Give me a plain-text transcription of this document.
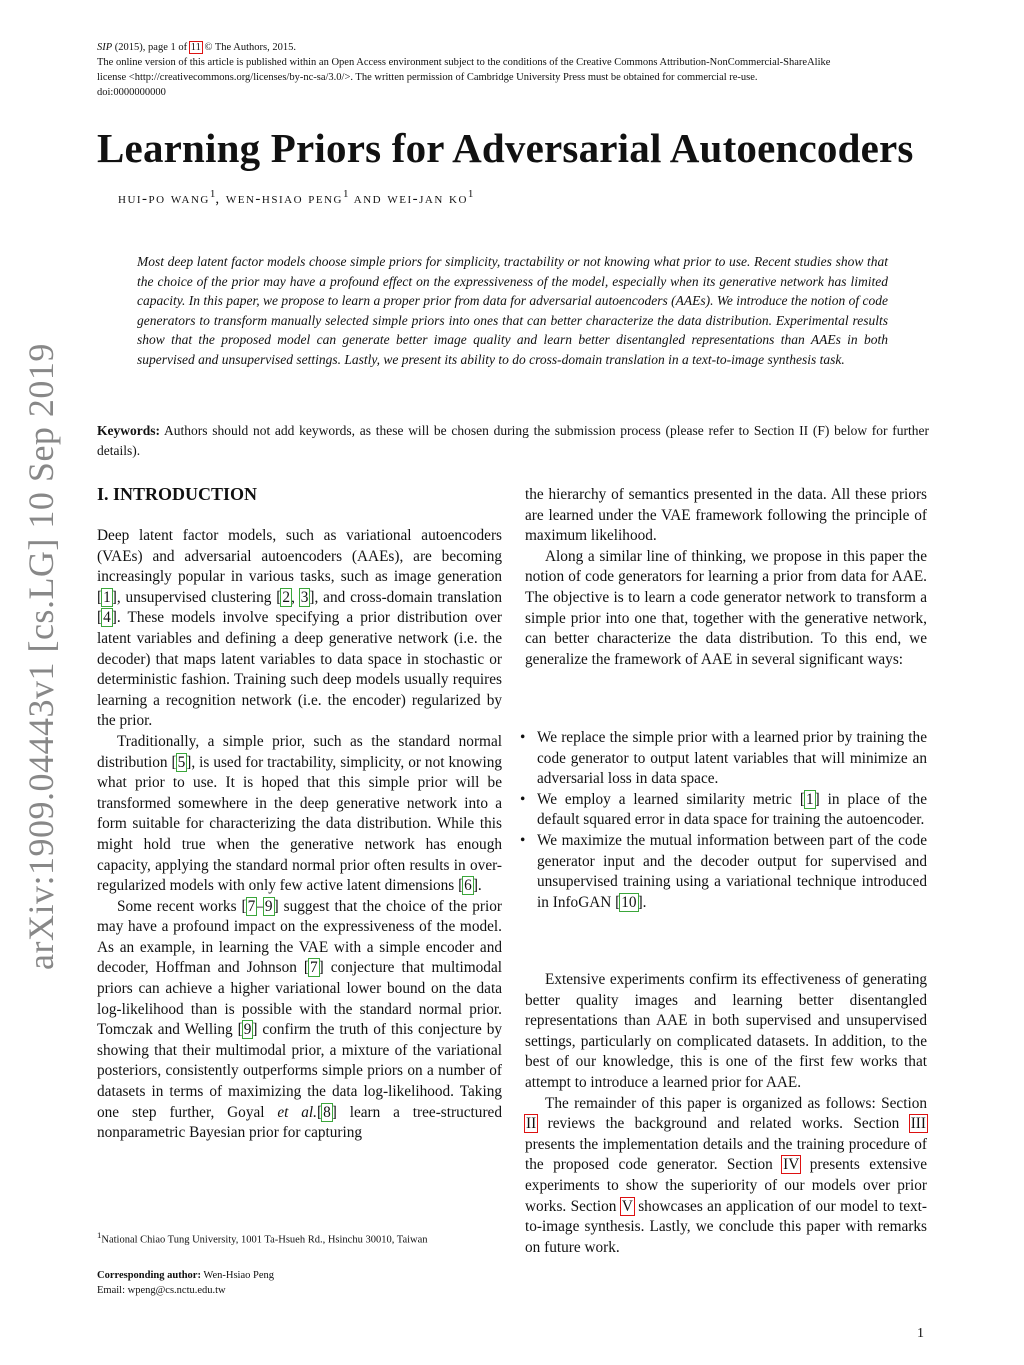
SIP (2015), page 1 of 11 © The Authors, 2015.
The online version of this article is published within an Open Access environment subject to the conditions of the Creative Commons Attribution-NonCommercial-ShareAlike
license <http://creativecommons.org/licenses/by-nc-sa/3.0/>. The written permission of Cambridge University Press must be obtained for commercial re-use.
doi:0000000000
Learning Priors for Adversarial Autoencoders
hui-po wang$^1$, wen-hsiao peng$^1$ and wei-jan $ko^1$
Most deep latent factor models choose simple priors for simplicity, tractability or not knowing what prior to use. Recent studies show that the choice of the prior may have a profound effect on the expressiveness of the model, especially when its generative network has limited capacity. In this paper, we propose to learn a proper prior from data for adversarial autoencoders (AAEs). We introduce the notion of code generators to transform manually selected simple priors into ones that can better characterize the data distribution. Experimental results show that the proposed model can generate better image quality and learn better disentangled representations than AAEs in both supervised and unsupervised settings. Lastly, we present its ability to do cross-domain translation in a text-to-image synthesis task.
Keywords: Authors should not add keywords, as these will be chosen during the submission process (please refer to Section II (F) below for further details).
arXiv:1909.04443v1 [cs.LG] 10 Sep 2019 I. INTRODUCTION

Deep latent factor models, such as variational autoencoders (VAEs) and adversarial autoencoders (AAEs), are becoming increasingly popular in various tasks, such as image generation [1], unsupervised clustering [2, 3], and cross-domain translation [4]. These models involve specifying a prior distribution over latent variables and defining a deep generative network (i.e. the decoder) that maps latent variables to data space in stochastic or deterministic fashion. Training such deep models usually requires learning a recognition network (i.e. the encoder) regularized by the prior.

Traditionally, a simple prior, such as the standard normal distribution [5], is used for tractability, simplicity, or not knowing what prior to use. It is hoped that this simple prior will be transformed somewhere in the deep generative network into a form suitable for characterizing the data distribution. While this might hold true when the generative network has enough capacity, applying the standard normal prior often results in over-regularized models with only few active latent dimensions [6].

Some recent works [7–9] suggest that the choice of the prior may have a profound impact on the expressiveness of the model. As an example, in learning the VAE with a simple encoder and decoder, Hoffman and Johnson [7] conjecture that multimodal priors can achieve a higher variational lower bound on the data log-likelihood than is possible with the standard normal prior. Tomczak and Welling [9] confirm the truth of this conjecture by showing that their multimodal prior, a mixture of the variational posteriors, consistently outperforms simple priors on a number of datasets in terms of maximizing the data log-likelihood. Taking one step further, Goyal et al.[8] learn a tree-structured nonparametric Bayesian prior for capturing

the hierarchy of semantics presented in the data. All these priors are learned under the VAE framework following the principle of maximum likelihood.

Along a similar line of thinking, we propose in this paper the notion of code generators for learning a prior from data for AAE. The objective is to learn a code generator network to transform a simple prior into one that, together with the generative network, can better characterize the data distribution. To this end, we generalize the framework of AAE in several significant ways:

• We replace the simple prior with a learned prior by training the code generator to output latent variables that will minimize an adversarial loss in data space.
• We employ a learned similarity metric [1] in place of the default squared error in data space for training the autoencoder.
• We maximize the mutual information between part of the code generator input and the decoder output for supervised and unsupervised training using a variational technique introduced in InfoGAN [10].

Extensive experiments confirm its effectiveness of generating better quality images and learning better disentangled representations than AAE in both supervised and unsupervised settings, particularly on complicated datasets. In addition, to the best of our knowledge, this is one of the first few works that attempt to introduce a learned prior for AAE.

The remainder of this paper is organized as follows: Section II reviews the background and related works. Section III presents the implementation details and the training procedure of the proposed code generator. Section IV presents extensive experiments to show the superiority of our models over prior works. Section V showcases an application of our model to text-to-image synthesis. Lastly, we conclude this paper with remarks on future work.

$^1$National Chiao Tung University, 1001 Ta-Hsueh Rd., Hsinchu 30010, Taiwan
Corresponding author: Wen-Hsiao Peng
Email: wpeng@cs.nctu.edu.tw
1
